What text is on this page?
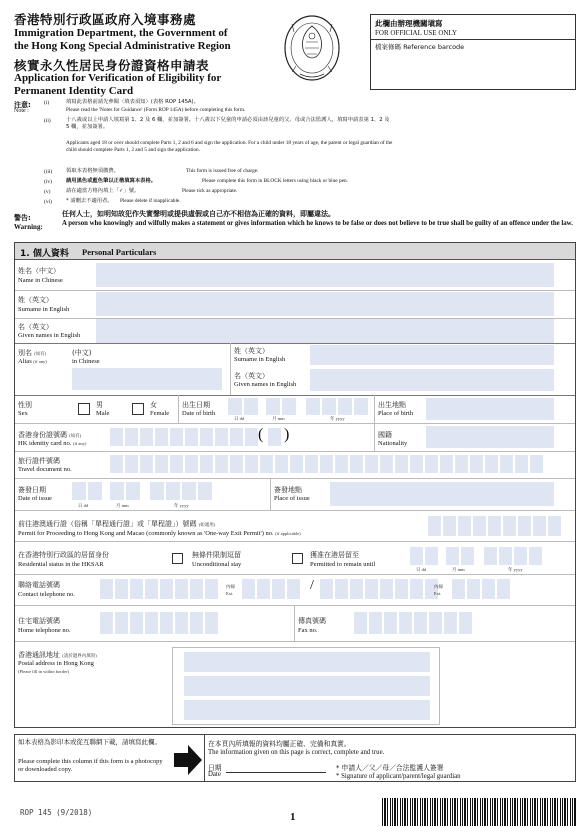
香港特別行政區政府入境事務處
Immigration Department, the Government of
the Hong Kong Special Administrative Region
核實永久性居民身份證資格申請表
Application for Verification of Eligibility for
Permanent Identity Card
此欄由辦理機關塡寫
FOR OFFICIAL USE ONLY
檔案條碼 Reference barcode
注意:
Note :
(i)	填寫此表格前請先參閱〈填表須知〉(表格 ROP 145A)。
Please read the 'Notes for Guidance' (Form ROP 145A) before completing this form.
(ii)	十八歲或以上申請人填寫第 1、2 及 6 欄，並加簽署。十八歲以下兒童的申請必須由該兒童的父、母或合法監護人，填寫申請表第 1、2 及 5 欄，並加簽署。
Applicants aged 18 or over should complete Parts 1, 2 and 6 and sign the application. For a child under 18 years of age, the parent or legal guardian of the child should complete Parts 1, 2 and 5 and sign the application.
(iii)	領取本表格無須繳費。	This form is issued free of charge.
(iv)	請用黑色或藍色筆以正楷填寫本表格。	Please complete this form in BLOCK letters using black or blue pen.
(v)	請在適當方格內填上「✓」號。	Please tick as appropriate.
(vi)	* 請刪去不適用者。 Please delete if inapplicable.
警告:
Warning:
任何人士，如明知故犯作失實聲明或提供虛假或自己亦不相信為正確的資料，即屬違法。
A person who knowingly and wilfully makes a statement or gives information which he knows to be false or does not believe to be true shall be guilty of an offence under the law.
1. 個人資料 Personal Particulars
姓名（中文）
Name in Chinese
姓（英文）
Surname in English
名（英文）
Given names in English
別名 (如有)
Alias (if any)
(中文)
in Chinese
姓（英文）
Surname in English
名（英文）
Given names in English
性別
Sex
男
Male
女
Female
出生日期
Date of birth
日 dd	月 mm	年 yyyy
出生地點
Place of birth
香港身份證號碼 (如有)
HK identity card no. (if any)
( )	國籍
Nationality
旅行證件號碼
Travel document no.
簽發日期
Date of issue
日 dd	月 mm	年 yyyy
簽發地點
Place of issue
前往港澳通行證（俗稱「單程通行證」或「單程證」）號碼 (如適用)
Permit for Proceeding to Hong Kong and Macao (commonly known as 'One-way Exit Permit') no. (if applicable)
在香港特別行政區的居留身份
Residential status in the HKSAR
無條件限制逗留
Unconditional stay
獲准在港居留至
Permitted to remain until
日 dd	月 mm	年 yyyy
聯絡電話號碼
Contact telephone no.
內線
Ext.
/	內線
Ext.
住宅電話號碼
Home telephone no.
傳真號碼
Fax no.
香港通訊地址 (請於邊界內填寫)
Postal address in Hong Kong
(Please fill in within border)
如本表格為影印本或從互聯網下載，請填寫此欄。
Please complete this column if this form is a photocopy or downloaded copy.
在本頁內所填報的資料均屬正確、完備和真實。
The information given on this page is correct, complete and true.
日期
Date
* 申請人／父／母／合法監護人簽署
* Signature of applicant/parent/legal guardian
ROP 145 (9/2018)	1
